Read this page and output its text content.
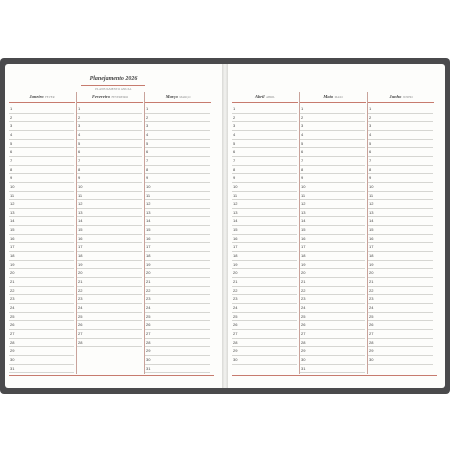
Planejamento 2026
PLANEJAMENTO ANUAL
Janeiro FEVER
1
2
3
4
5
6
7
8
9
10
11
12
13
14
15
16
17
18
19
20
21
22
23
24
25
26
27
28
29
30
31
Fevereiro FEVEREIRO
1
2
3
4
5
6
7
8
9
10
11
12
13
14
15
16
17
18
19
20
21
22
23
24
25
26
27
28
Março MARÇO
1
2
3
4
5
6
7
8
9
10
11
12
13
14
15
16
17
18
19
20
21
22
23
24
25
26
27
28
29
30
31
Abril ABRIL
1
2
3
4
5
6
7
8
9
10
11
12
13
14
15
16
17
18
19
20
21
22
23
24
25
26
27
28
29
30
Maio MAIO
1
2
3
4
5
6
7
8
9
10
11
12
13
14
15
16
17
18
19
20
21
22
23
24
25
26
27
28
29
30
31
Junho JUNHO
1
2
3
4
5
6
7
8
9
10
11
12
13
14
15
16
17
18
19
20
21
22
23
24
25
26
27
28
29
30
